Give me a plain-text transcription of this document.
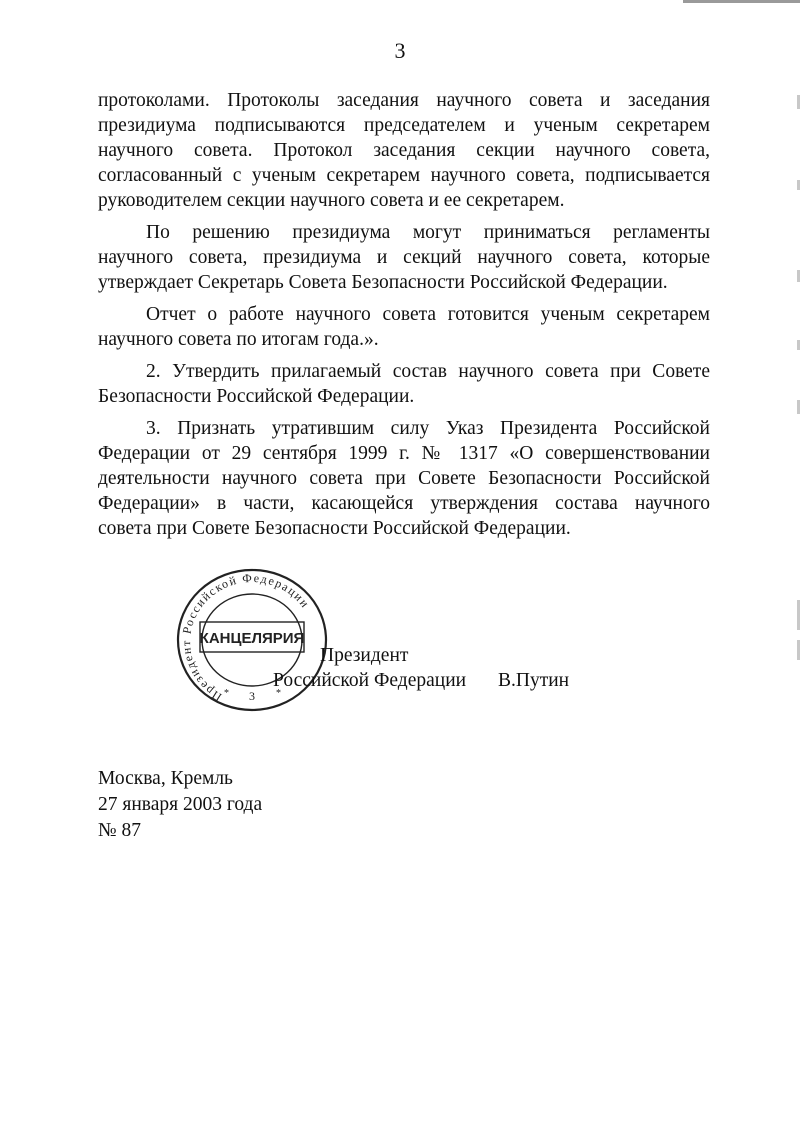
3

протоколами. Протоколы заседания научного совета и заседания
президиума подписываются председателем и ученым секретарем
научного совета. Протокол заседания секции научного совета,
согласованный с ученым секретарем научного совета, подписывается
руководителем секции научного совета и ее секретарем.

По решению президиума могут приниматься регламенты
научного совета, президиума и секций научного совета, которые
утверждает Секретарь Совета Безопасности Российской Федерации.

Отчет о работе научного совета готовится ученым секретарем
научного совета по итогам года.».

2. Утвердить прилагаемый состав научного совета при Совете
Безопасности Российской Федерации.

3. Признать утратившим силу Указ Президента Российской
Федерации от 29 сентября 1999 г. № 1317 «О совершенствовании
деятельности научного совета при Совете Безопасности Российской
Федерации» в части, касающейся утверждения состава научного
совета при Совете Безопасности Российской Федерации.

Президент Российской Федерации
КАНЦЕЛЯРИЯ
3
*	*
Президент
Российской Федерации В.Путин
Москва, Кремль
27 января 2003 года
№ 87
